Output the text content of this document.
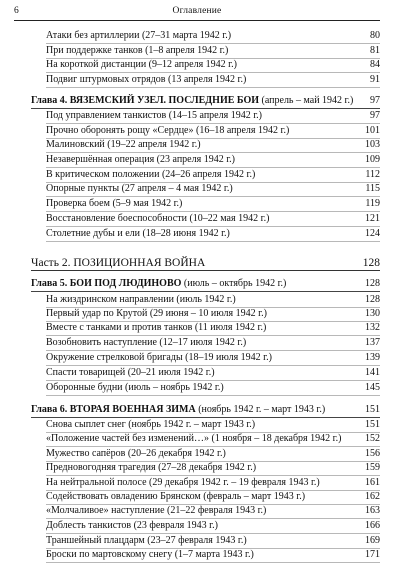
6	Оглавление
Атаки без артиллерии (27–31 марта 1942 г.)	80
При поддержке танков (1–8 апреля 1942 г.)	81
На короткой дистанции (9–12 апреля 1942 г.)	84
Подвиг штурмовых отрядов (13 апреля 1942 г.)	91
Глава 4. ВЯЗЕМСКИЙ УЗЕЛ. ПОСЛЕДНИЕ БОИ (апрель – май 1942 г.) 97
Под управлением танкистов (14–15 апреля 1942 г.)	97
Прочно оборонять рощу «Сердце» (16–18 апреля 1942 г.)	101
Малиновский (19–22 апреля 1942 г.)	103
Незавершённая операция (23 апреля 1942 г.)	109
В критическом положении (24–26 апреля 1942 г.)	112
Опорные пункты (27 апреля – 4 мая 1942 г.)	115
Проверка боем (5–9 мая 1942 г.)	119
Восстановление боеспособности (10–22 мая 1942 г.)	121
Столетние дубы и ели (18–28 июня 1942 г.)	124
Часть 2. ПОЗИЦИОННАЯ ВОЙНА	128
Глава 5. БОИ ПОД ЛЮДИНОВО (июль – октябрь 1942 г.)	128
На жиздринском направлении (июль 1942 г.)	128
Первый удар по Крутой (29 июня – 10 июля 1942 г.)	130
Вместе с танками и против танков (11 июля 1942 г.)	132
Возобновить наступление (12–17 июля 1942 г.)	137
Окружение стрелковой бригады (18–19 июля 1942 г.)	139
Спасти товарищей (20–21 июля 1942 г.)	141
Оборонные будни (июль – ноябрь 1942 г.)	145
Глава 6. ВТОРАЯ ВОЕННАЯ ЗИМА (ноябрь 1942 г. – март 1943 г.)	151
Снова сыплет снег (ноябрь 1942 г. – март 1943 г.)	151
«Положение частей без изменений…» (1 ноября – 18 декабря 1942 г.) 152
Мужество сапёров (20–26 декабря 1942 г.)	156
Предновогодняя трагедия (27–28 декабря 1942 г.)	159
На нейтральной полосе (29 декабря 1942 г. – 19 февраля 1943 г.)	161
Содействовать овладению Брянском (февраль – март 1943 г.)	162
«Молчаливое» наступление (21–22 февраля 1943 г.)	163
Доблесть танкистов (23 февраля 1943 г.)	166
Траншейный плацдарм (23–27 февраля 1943 г.)	169
Броски по мартовскому снегу (1–7 марта 1943 г.)	171
